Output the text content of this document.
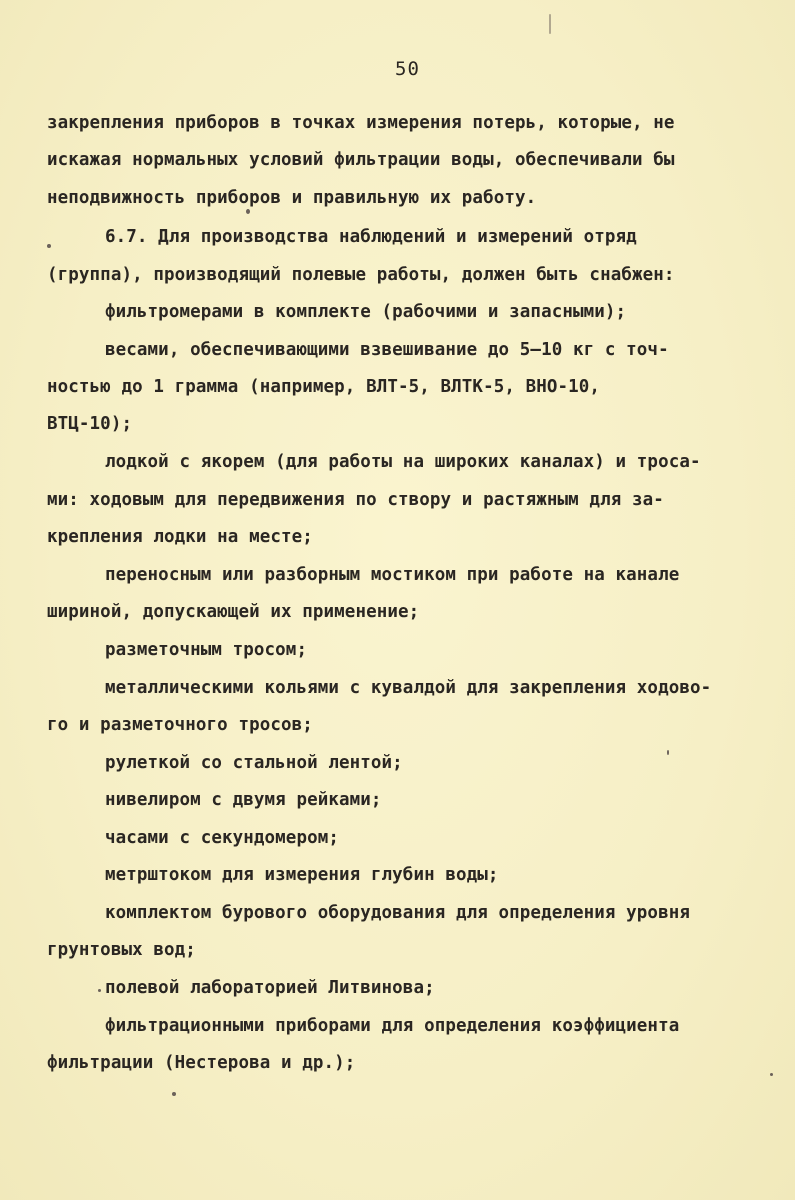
50
закрепления приборов в точках измерения потерь, которые, не
искажая нормальных условий фильтрации воды, обеспечивали бы
неподвижность приборов и правильную их работу.
6.7. Для производства наблюдений и измерений отряд
(группа), производящий полевые работы, должен быть снабжен:
фильтромерами в комплекте (рабочими и запасными);
весами, обеспечивающими взвешивание до 5–10 кг с точ-
ностью до 1 грамма (например, ВЛТ-5, ВЛТК-5, ВНО-10,
ВТЦ-10);
лодкой с якорем (для работы на широких каналах) и троса-
ми: ходовым для передвижения по створу и растяжным для за-
крепления лодки на месте;
переносным или разборным мостиком при работе на канале
шириной, допускающей их применение;
разметочным тросом;
металлическими кольями с кувалдой для закрепления ходово-
го и разметочного тросов;
рулеткой со стальной лентой;
нивелиром с двумя рейками;
часами с секундомером;
метрштоком для измерения глубин воды;
комплектом бурового оборудования для определения уровня
грунтовых вод;
полевой лабораторией Литвинова;
фильтрационными приборами для определения коэффициента
фильтрации (Нестерова и др.);
